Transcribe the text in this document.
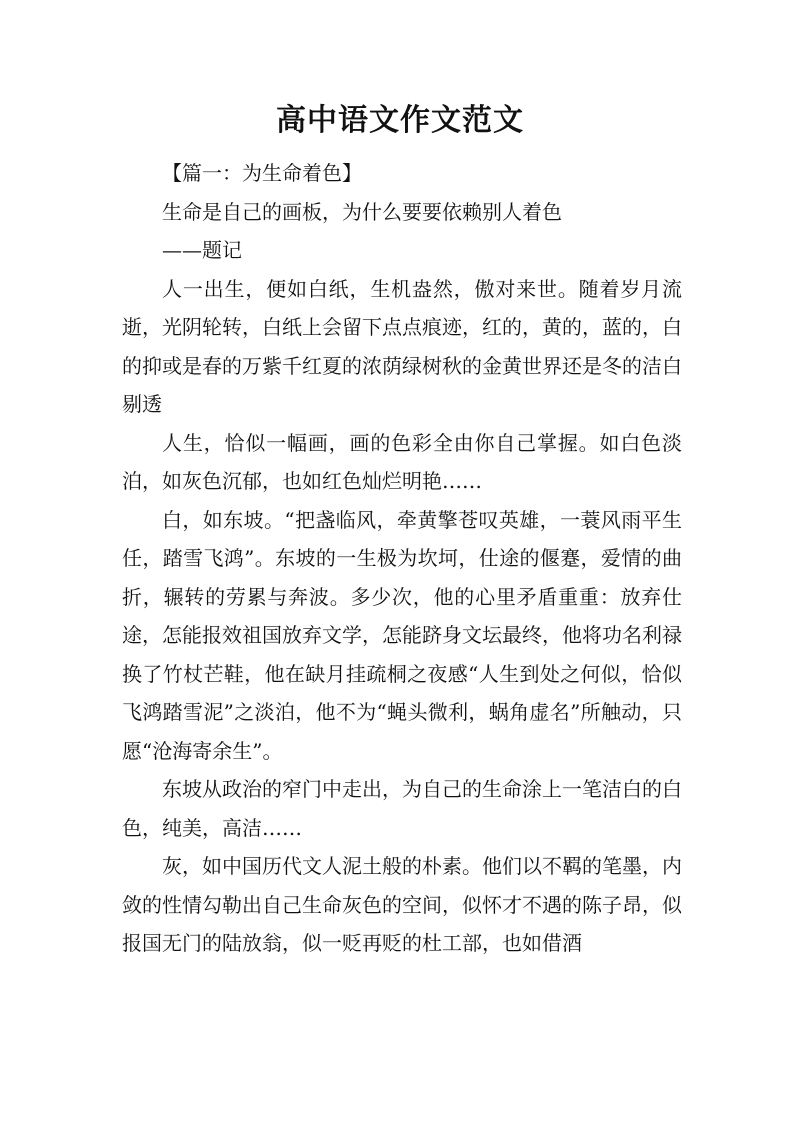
高中语文作文范文

【篇一：为生命着色】

生命是自己的画板，为什么要要依赖别人着色

——题记

人一出生，便如白纸，生机盎然，傲对来世。随着岁月流逝，光阴轮转，白纸上会留下点点痕迹，红的，黄的，蓝的，白的抑或是春的万紫千红夏的浓荫绿树秋的金黄世界还是冬的洁白剔透

人生，恰似一幅画，画的色彩全由你自己掌握。如白色淡泊，如灰色沉郁，也如红色灿烂明艳……

白，如东坡。“把盏临风，牵黄擎苍叹英雄，一蓑风雨平生任，踏雪飞鸿”。东坡的一生极为坎坷，仕途的偃蹇，爱情的曲折，辗转的劳累与奔波。多少次，他的心里矛盾重重：放弃仕途，怎能报效祖国放弃文学，怎能跻身文坛最终，他将功名利禄换了竹杖芒鞋，他在缺月挂疏桐之夜感“人生到处之何似，恰似飞鸿踏雪泥”之淡泊，他不为“蝇头微利，蜗角虚名”所触动，只愿“沧海寄余生”。

东坡从政治的窄门中走出，为自己的生命涂上一笔洁白的白色，纯美，高洁……

灰，如中国历代文人泥土般的朴素。他们以不羁的笔墨，内敛的性情勾勒出自己生命灰色的空间，似怀才不遇的陈子昂，似报国无门的陆放翁，似一贬再贬的杜工部，也如借酒
